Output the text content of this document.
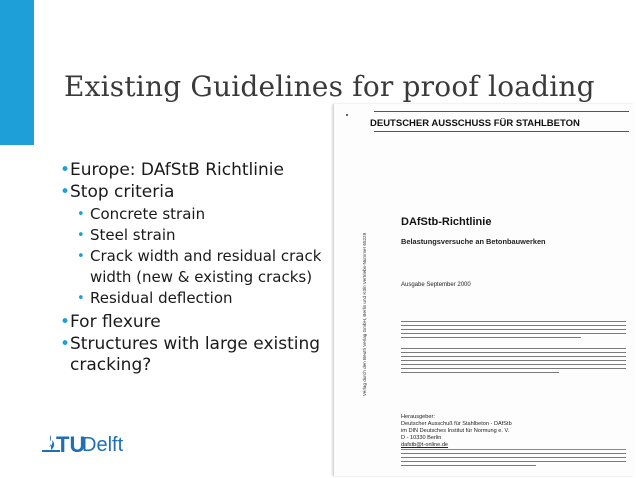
Existing Guidelines for proof loading

• Europe: DAfStB Richtlinie

• Stop criteria

• Concrete strain

• Steel strain

• Crack width and residual crack width (new & existing cracks)

• Residual deflection

• For flexure

• Structures with large existing cracking?

TU
Delft
DEUTSCHER AUSSCHUSS FÜR STAHLBETON
Verlag durch den Beuth Verlag GmbH, Berlin und Köln Vertriebs-Nummer 65229
DAfStb-Richtlinie
Belastungsversuche an Betonbauwerken
Ausgabe September 2000
Herausgeber:
Deutscher Ausschuß für Stahlbeton - DAfStb
im DIN Deutsches Institut für Normung e. V.
D - 10330 Berlin
dafstb@t-online.de
